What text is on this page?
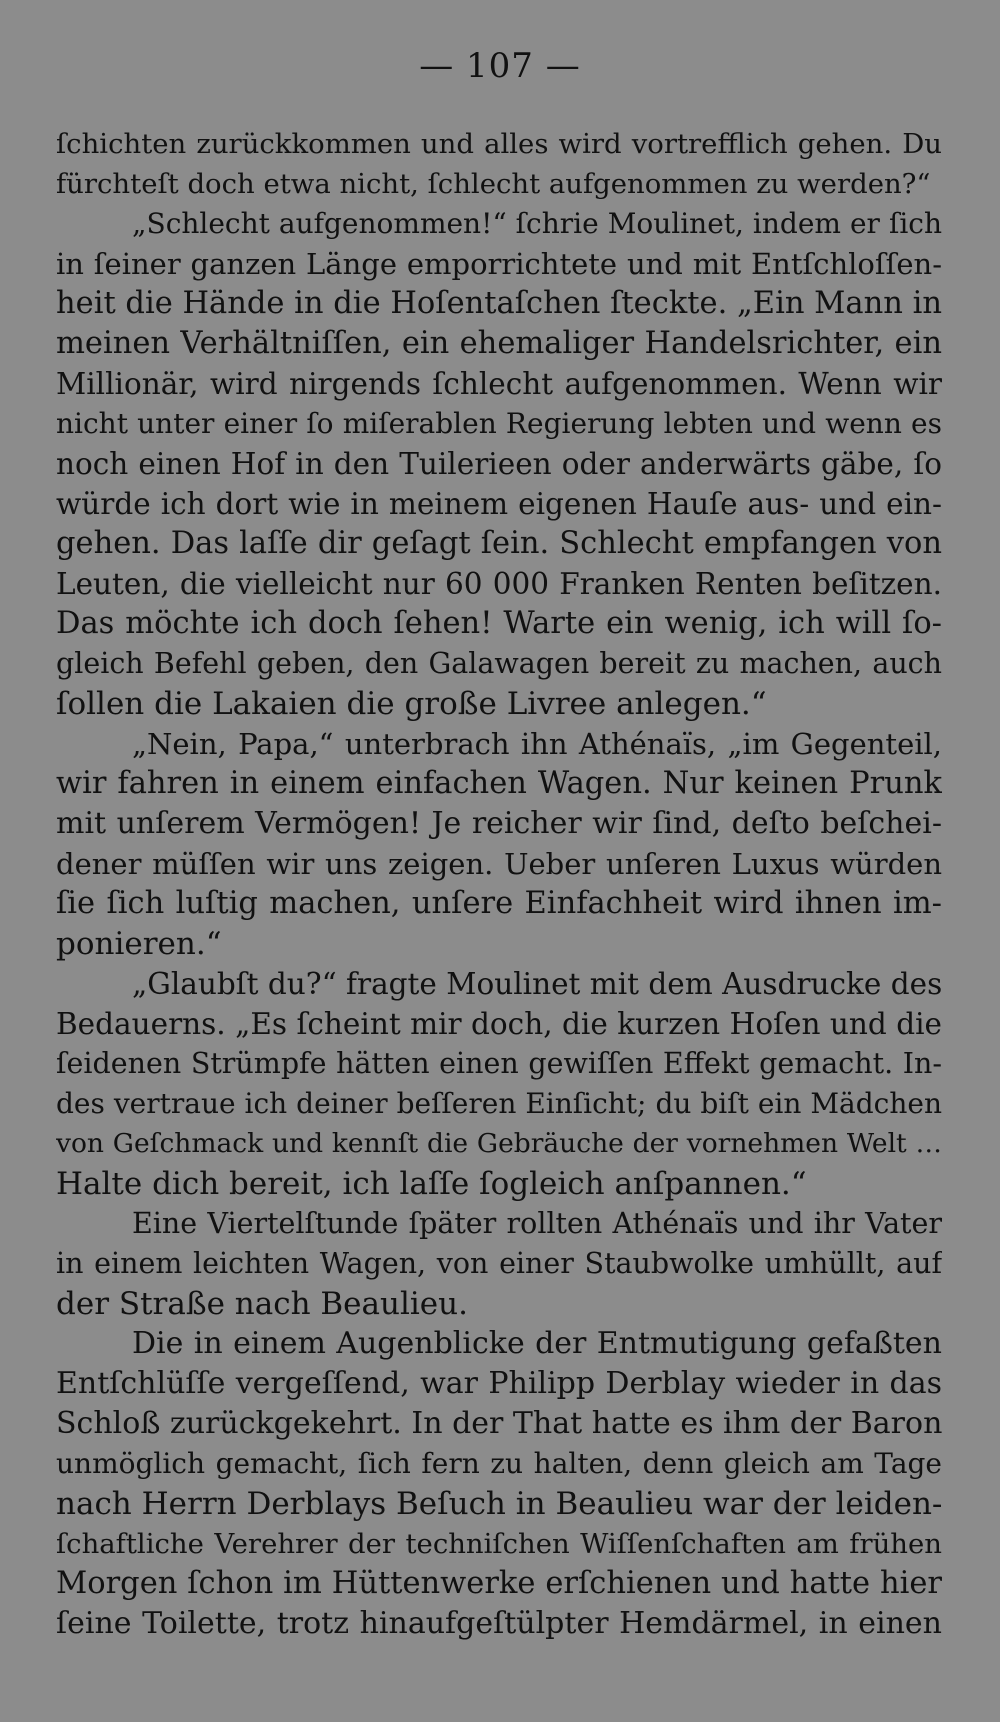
— 107 —
ſchichten zurückkommen und alles wird vortrefflich gehen. Du
fürchteſt doch etwa nicht, ſchlecht aufgenommen zu werden?“
„Schlecht aufgenommen!“ ſchrie Moulinet, indem er ſich
in ſeiner ganzen Länge emporrichtete und mit Entſchloſſen-
heit die Hände in die Hoſentaſchen ſteckte. „Ein Mann in
meinen Verhältniſſen, ein ehemaliger Handelsrichter, ein
Millionär, wird nirgends ſchlecht aufgenommen. Wenn wir
nicht unter einer ſo miſerablen Regierung lebten und wenn es
noch einen Hof in den Tuilerieen oder anderwärts gäbe, ſo
würde ich dort wie in meinem eigenen Hauſe aus- und ein-
gehen. Das laſſe dir geſagt ſein. Schlecht empfangen von
Leuten, die vielleicht nur 60 000 Franken Renten beſitzen.
Das möchte ich doch ſehen! Warte ein wenig, ich will ſo-
gleich Befehl geben, den Galawagen bereit zu machen, auch
ſollen die Lakaien die große Livree anlegen.“
„Nein, Papa,“ unterbrach ihn Athénaïs, „im Gegenteil,
wir fahren in einem einfachen Wagen. Nur keinen Prunk
mit unſerem Vermögen! Je reicher wir ſind, deſto beſchei-
dener müſſen wir uns zeigen. Ueber unſeren Luxus würden
ſie ſich luſtig machen, unſere Einfachheit wird ihnen im-
ponieren.“
„Glaubſt du?“ fragte Moulinet mit dem Ausdrucke des
Bedauerns. „Es ſcheint mir doch, die kurzen Hoſen und die
ſeidenen Strümpfe hätten einen gewiſſen Effekt gemacht. In-
des vertraue ich deiner beſſeren Einſicht; du biſt ein Mädchen
von Geſchmack und kennſt die Gebräuche der vornehmen Welt …
Halte dich bereit, ich laſſe ſogleich anſpannen.“
Eine Viertelſtunde ſpäter rollten Athénaïs und ihr Vater
in einem leichten Wagen, von einer Staubwolke umhüllt, auf
der Straße nach Beaulieu.
Die in einem Augenblicke der Entmutigung gefaßten
Entſchlüſſe vergeſſend, war Philipp Derblay wieder in das
Schloß zurückgekehrt. In der That hatte es ihm der Baron
unmöglich gemacht, ſich fern zu halten, denn gleich am Tage
nach Herrn Derblays Beſuch in Beaulieu war der leiden-
ſchaftliche Verehrer der techniſchen Wiſſenſchaften am frühen
Morgen ſchon im Hüttenwerke erſchienen und hatte hier
ſeine Toilette, trotz hinaufgeſtülpter Hemdärmel, in einen
